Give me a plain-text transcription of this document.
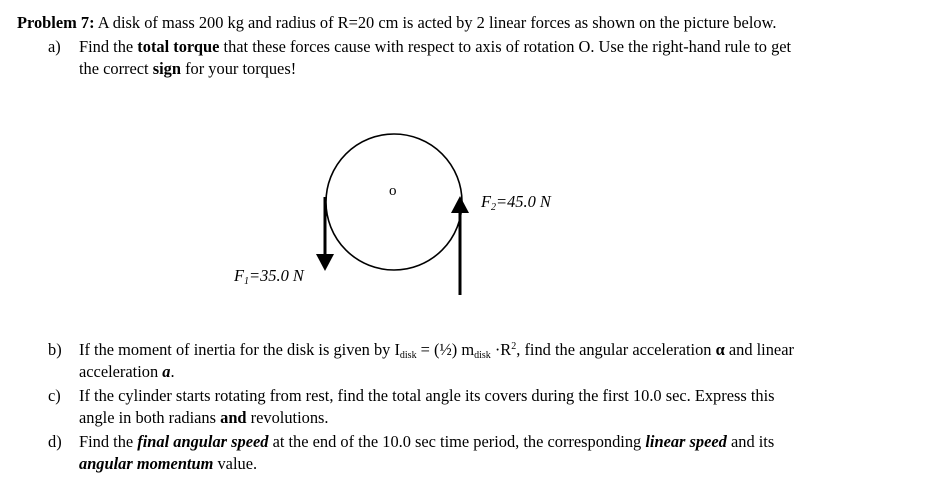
Problem 7: A disk of mass 200 kg and radius of R=20 cm is acted by 2 linear forces as shown on the picture below.
a) Find the total torque that these forces cause with respect to axis of rotation O. Use the right-hand rule to get
the correct sign for your torques!
o
$F_2=45.0$ N
$F_1=35.0$ N
b) If the moment of inertia for the disk is given by $I_{disk}$ = (½) $m_{disk} \cdot R^2$, find the angular acceleration α and linear
acceleration a.
c) If the cylinder starts rotating from rest, find the total angle its covers during the first 10.0 sec. Express this
angle in both radians and revolutions.
d) Find the final angular speed at the end of the 10.0 sec time period, the corresponding linear speed and its
angular momentum value.
